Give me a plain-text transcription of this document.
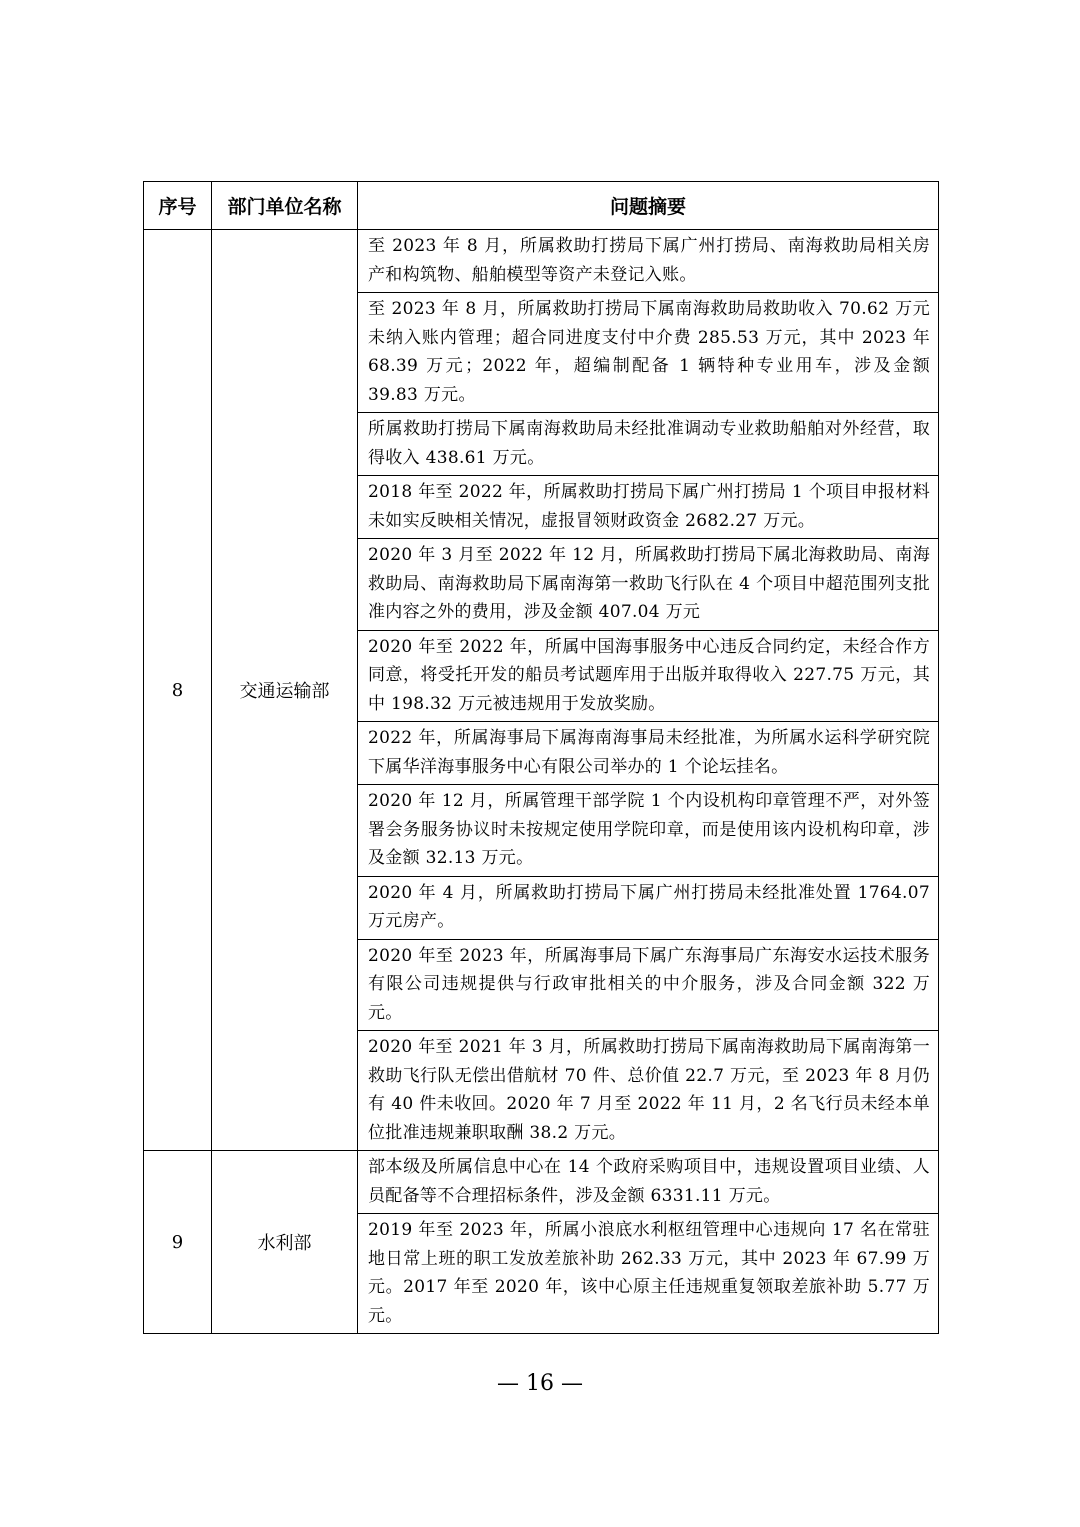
序号	部门单位名称	问题摘要
8	交通运输部	至 2023 年 8 月，所属救助打捞局下属广州打捞局、南海救助局相关房产和构筑物、船舶模型等资产未登记入账。
		至 2023 年 8 月，所属救助打捞局下属南海救助局救助收入 70.62 万元未纳入账内管理；超合同进度支付中介费 285.53 万元，其中 2023 年 68.39 万元；2022 年，超编制配备 1 辆特种专业用车，涉及金额 39.83 万元。
		所属救助打捞局下属南海救助局未经批准调动专业救助船舶对外经营，取得收入 438.61 万元。
		2018 年至 2022 年，所属救助打捞局下属广州打捞局 1 个项目申报材料未如实反映相关情况，虚报冒领财政资金 2682.27 万元。
		2020 年 3 月至 2022 年 12 月，所属救助打捞局下属北海救助局、南海救助局、南海救助局下属南海第一救助飞行队在 4 个项目中超范围列支批准内容之外的费用，涉及金额 407.04 万元
		2020 年至 2022 年，所属中国海事服务中心违反合同约定，未经合作方同意，将受托开发的船员考试题库用于出版并取得收入 227.75 万元，其中 198.32 万元被违规用于发放奖励。
		2022 年，所属海事局下属海南海事局未经批准，为所属水运科学研究院下属华洋海事服务中心有限公司举办的 1 个论坛挂名。
		2020 年 12 月，所属管理干部学院 1 个内设机构印章管理不严，对外签署会务服务协议时未按规定使用学院印章，而是使用该内设机构印章，涉及金额 32.13 万元。
		2020 年 4 月，所属救助打捞局下属广州打捞局未经批准处置 1764.07 万元房产。
		2020 年至 2023 年，所属海事局下属广东海事局广东海安水运技术服务有限公司违规提供与行政审批相关的中介服务，涉及合同金额 322 万元。
		2020 年至 2021 年 3 月，所属救助打捞局下属南海救助局下属南海第一救助飞行队无偿出借航材 70 件、总价值 22.7 万元，至 2023 年 8 月仍有 40 件未收回。2020 年 7 月至 2022 年 11 月，2 名飞行员未经本单位批准违规兼职取酬 38.2 万元。
9	水利部	部本级及所属信息中心在 14 个政府采购项目中，违规设置项目业绩、人员配备等不合理招标条件，涉及金额 6331.11 万元。
		2019 年至 2023 年，所属小浪底水利枢纽管理中心违规向 17 名在常驻地日常上班的职工发放差旅补助 262.33 万元，其中 2023 年 67.99 万元。2017 年至 2020 年，该中心原主任违规重复领取差旅补助 5.77 万元。
— 16 —
